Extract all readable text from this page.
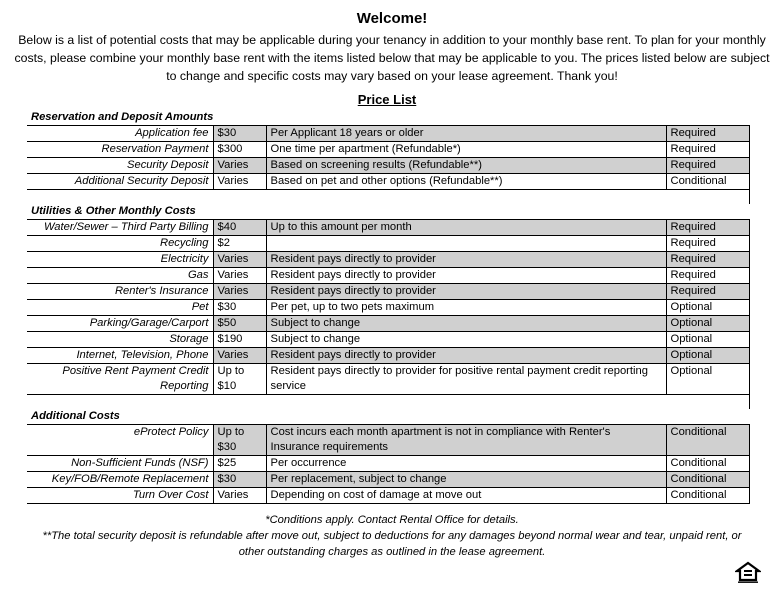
Welcome!
Below is a list of potential costs that may be applicable during your tenancy in addition to your monthly base rent. To plan for your monthly costs, please combine your monthly base rent with the items listed below that may be applicable to you. The prices listed below are subject to change and specific costs may vary based on your lease agreement. Thank you!
Price List
Reservation and Deposit Amounts			
Application fee	$30	Per Applicant 18 years or older	Required
Reservation Payment	$300	One time per apartment (Refundable*)	Required
Security Deposit	Varies	Based on screening results (Refundable**)	Required
Additional Security Deposit	Varies	Based on pet and other options (Refundable**)	Conditional

Utilities & Other Monthly Costs			
Water/Sewer – Third Party Billing	$40	Up to this amount per month	Required
Recycling	$2		Required
Electricity	Varies	Resident pays directly to provider	Required
Gas	Varies	Resident pays directly to provider	Required
Renter's Insurance	Varies	Resident pays directly to provider	Required
Pet	$30	Per pet, up to two pets maximum	Optional
Parking/Garage/Carport	$50	Subject to change	Optional
Storage	$190	Subject to change	Optional
Internet, Television, Phone	Varies	Resident pays directly to provider	Optional
Positive Rent Payment Credit Reporting	Up to $10	Resident pays directly to provider for positive rental payment credit reporting service	Optional

Additional Costs			
eProtect Policy	Up to $30	Cost incurs each month apartment is not in compliance with Renter's Insurance requirements	Conditional
Non-Sufficient Funds (NSF)	$25	Per occurrence	Conditional
Key/FOB/Remote Replacement	$30	Per replacement, subject to change	Conditional
Turn Over Cost	Varies	Depending on cost of damage at move out	Conditional
*Conditions apply. Contact Rental Office for details.
**The total security deposit is refundable after move out, subject to deductions for any damages beyond normal wear and tear, unpaid rent, or other outstanding charges as outlined in the lease agreement.
